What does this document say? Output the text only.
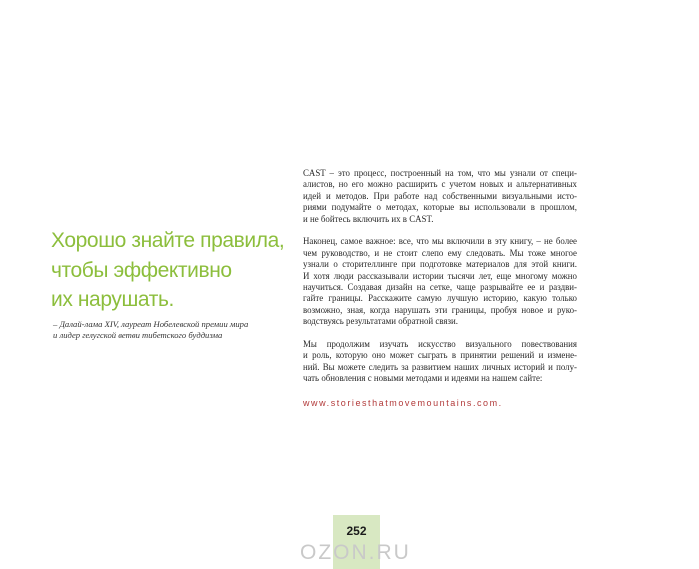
Хорошо знайте правила,
чтобы эффективно
их нарушать.
– Далай-лама XIV, лауреат Нобелевской премии мира
и лидер гелугской ветви тибетского буддизма
CAST – это процесс, построенный на том, что мы узнали от специ-
алистов, но его можно расширить с учетом новых и альтернативных
идей и методов. При работе над собственными визуальными исто-
риями подумайте о методах, которые вы использовали в прошлом,
и не бойтесь включить их в CAST.
Наконец, самое важное: все, что мы включили в эту книгу, – не более
чем руководство, и не стоит слепо ему следовать. Мы тоже многое
узнали о сторителлинге при подготовке материалов для этой книги.
И хотя люди рассказывали истории тысячи лет, еще многому можно
научиться. Создавая дизайн на сетке, чаще разрывайте ее и раздви-
гайте границы. Расскажите самую лучшую историю, какую только
возможно, зная, когда нарушать эти границы, пробуя новое и руко-
водствуясь результатами обратной связи.
Мы продолжим изучать искусство визуального повествования
и роль, которую оно может сыграть в принятии решений и измене-
ний. Вы можете следить за развитием наших личных историй и полу-
чать обновления с новыми методами и идеями на нашем сайте:
www.storiesthatmovemountains.com.
252
OZON.RU
